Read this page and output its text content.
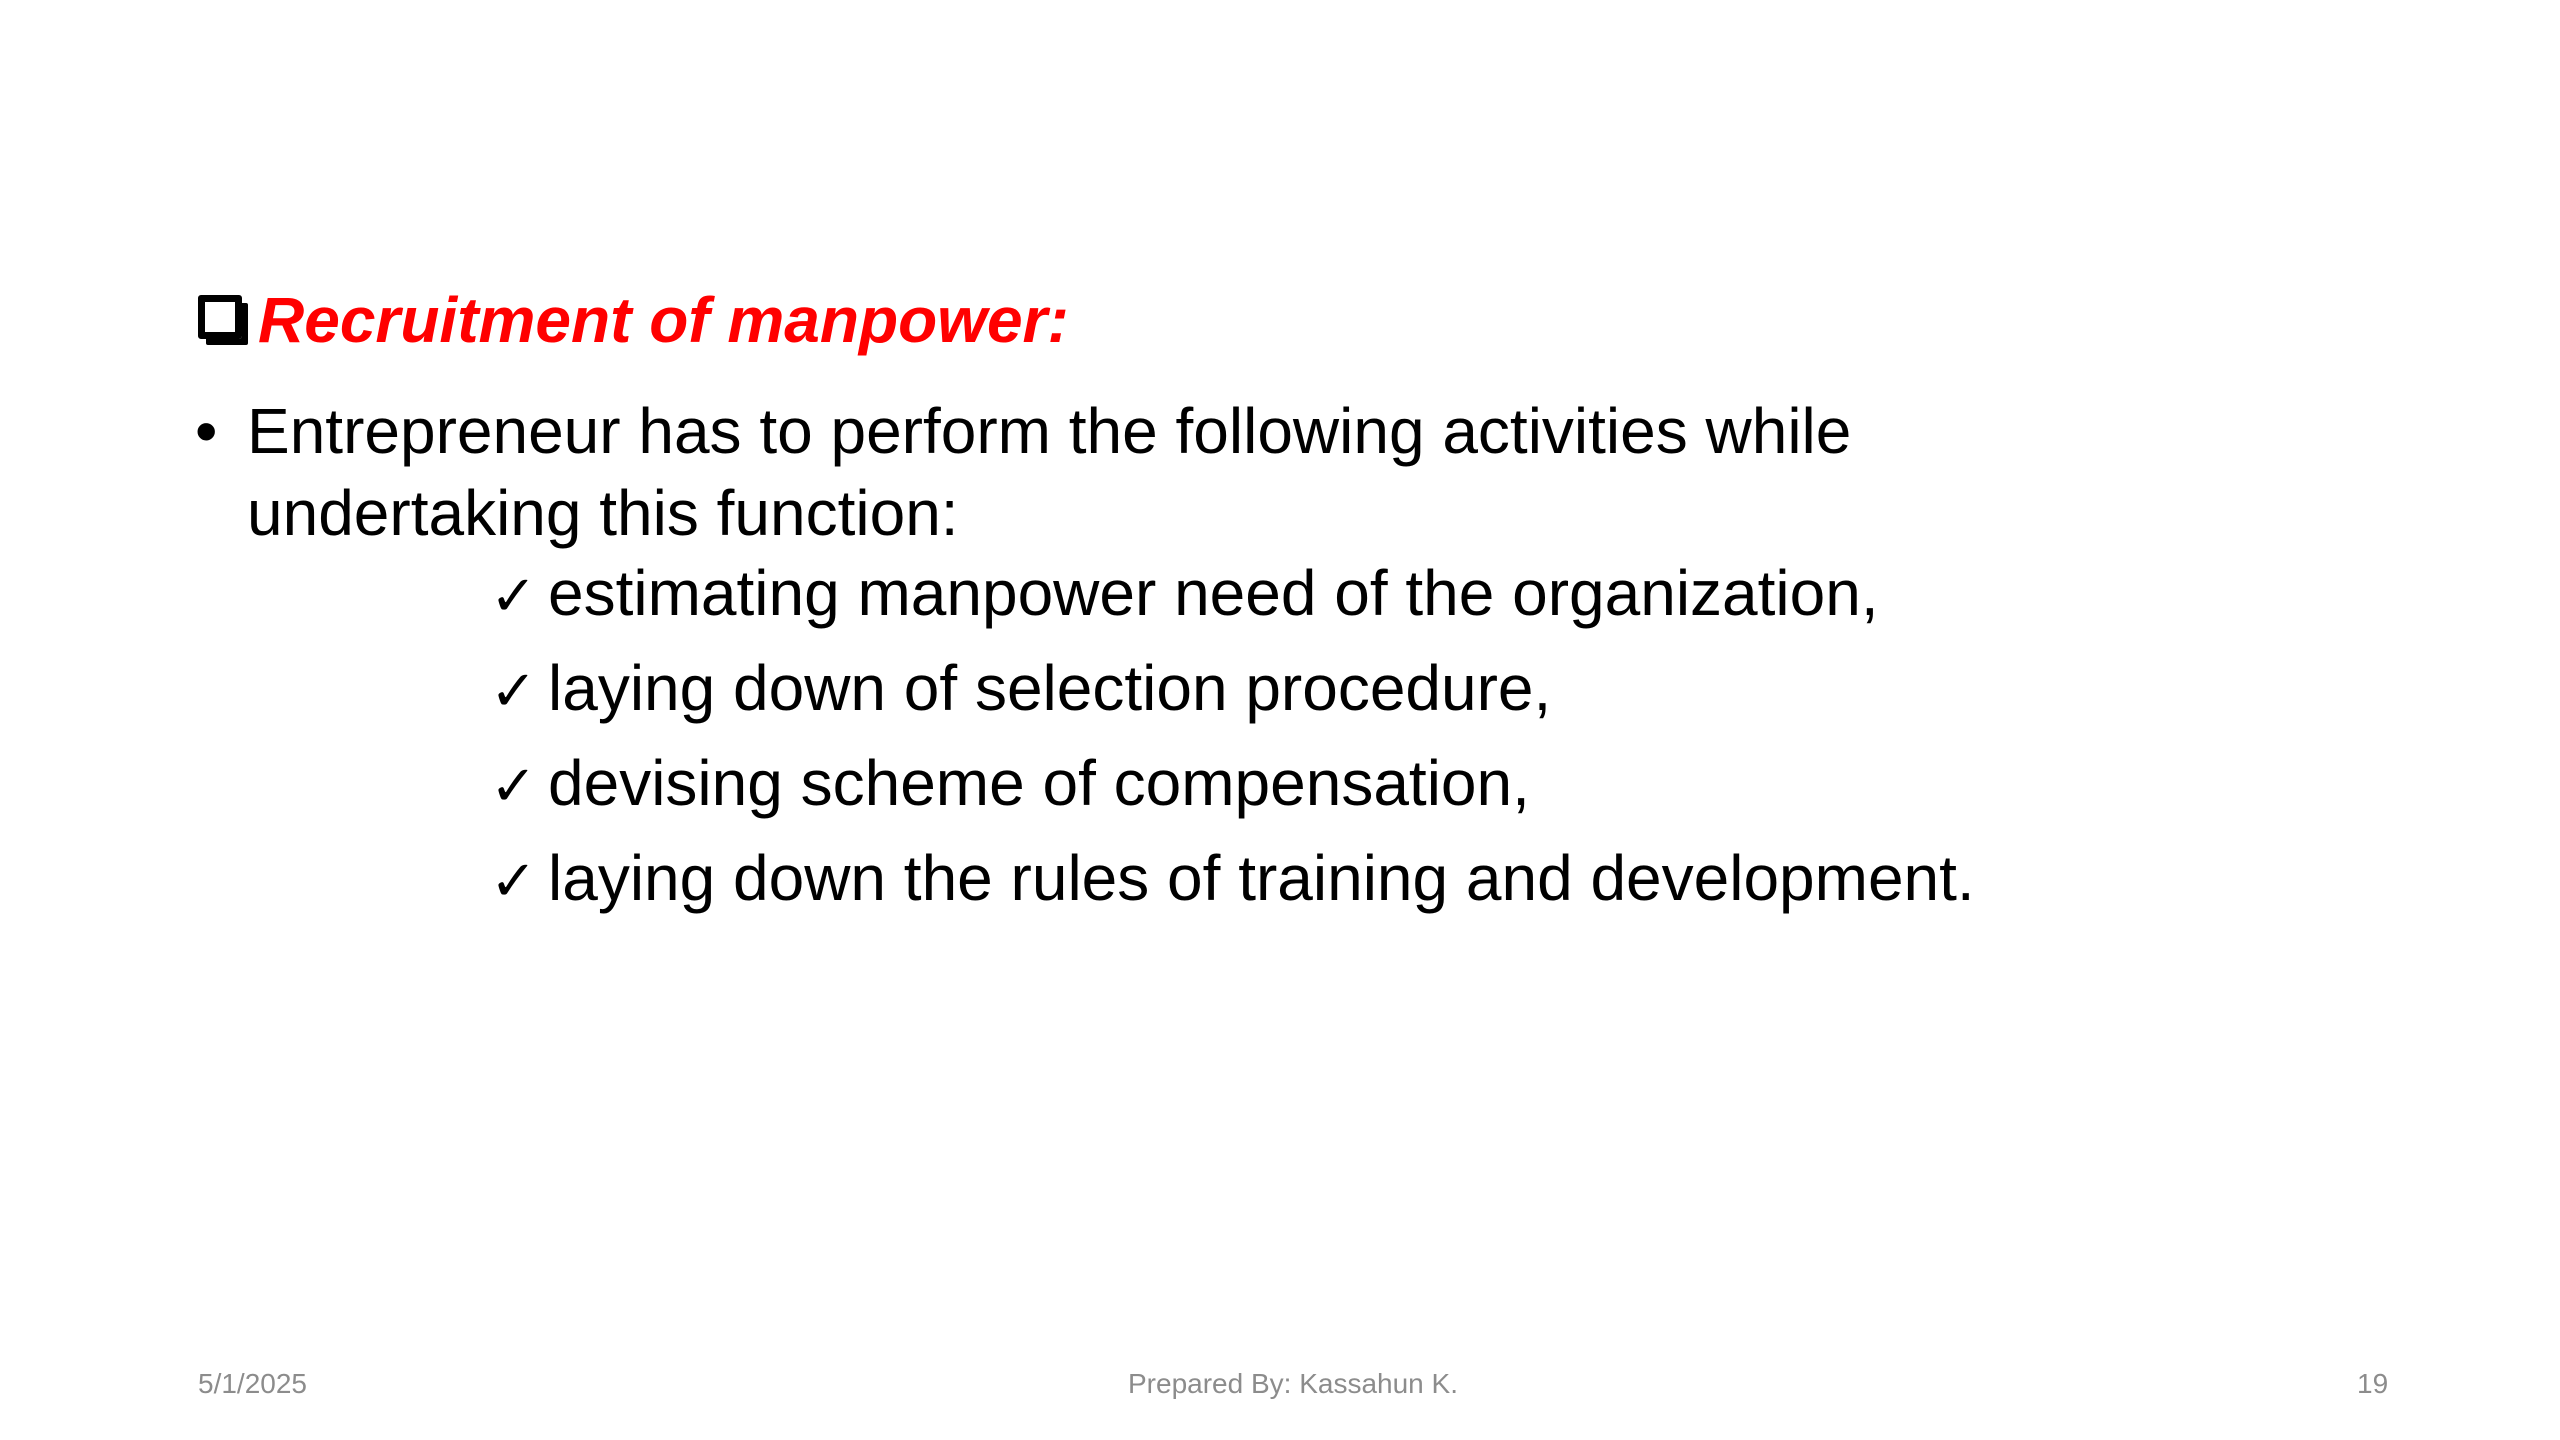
Recruitment of manpower:
• Entrepreneur has to perform the following activities while undertaking this function:
✓ estimating manpower need of the organization,
✓ laying down of selection procedure,
✓ devising scheme of compensation,
✓ laying down the rules of training and development.
5/1/2025	Prepared By: Kassahun K.	19
